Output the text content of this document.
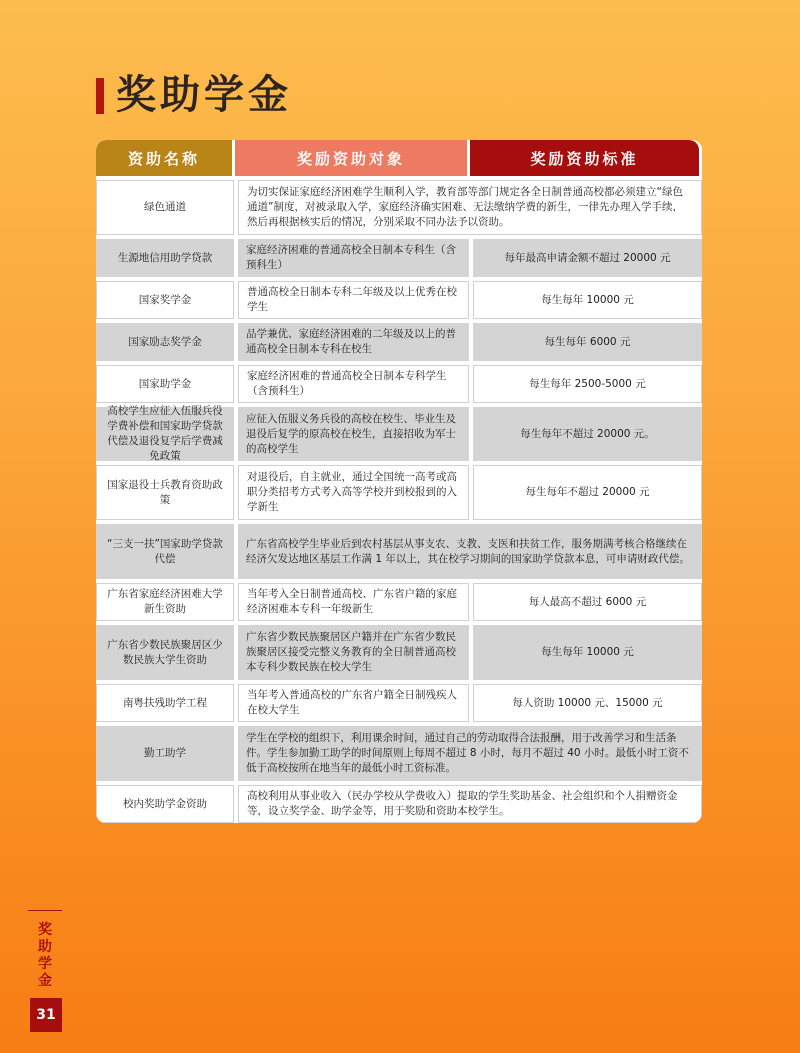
奖助学金
资助名称	奖励资助对象	奖励资助标准
绿色通道
为切实保证家庭经济困难学生顺利入学，教育部等部门规定各全日制普通高校都必须建立“绿色通道”制度，对被录取入学，家庭经济确实困难、无法缴纳学费的新生，一律先办理入学手续，然后再根据核实后的情况，分别采取不同办法予以资助。
生源地信用助学贷款
家庭经济困难的普通高校全日制本专科生（含预科生）
每年最高申请金额不超过 20000 元
国家奖学金
普通高校全日制本专科二年级及以上优秀在校学生
每生每年 10000 元
国家励志奖学金
品学兼优、家庭经济困难的二年级及以上的普通高校全日制本专科在校生
每生每年 6000 元
国家助学金
家庭经济困难的普通高校全日制本专科学生（含预科生）
每生每年 2500-5000 元
高校学生应征入伍服兵役学费补偿和国家助学贷款代偿及退役复学后学费减免政策
应征入伍服义务兵役的高校在校生、毕业生及退役后复学的原高校在校生，直接招收为军士的高校学生
每生每年不超过 20000 元。
国家退役士兵教育资助政策
对退役后，自主就业，通过全国统一高考或高职分类招考方式考入高等学校并到校报到的入学新生
每生每年不超过 20000 元
“三支一扶”国家助学贷款代偿
广东省高校学生毕业后到农村基层从事支农、支教、支医和扶贫工作，服务期满考核合格继续在经济欠发达地区基层工作满 1 年以上，其在校学习期间的国家助学贷款本息，可申请财政代偿。
广东省家庭经济困难大学新生资助
当年考入全日制普通高校、广东省户籍的家庭经济困难本专科一年级新生
每人最高不超过 6000 元
广东省少数民族聚居区少数民族大学生资助
广东省少数民族聚居区户籍并在广东省少数民族聚居区接受完整义务教育的全日制普通高校本专科少数民族在校大学生
每生每年 10000 元
南粤扶残助学工程
当年考入普通高校的广东省户籍全日制残疾人在校大学生
每人资助 10000 元、15000 元
勤工助学
学生在学校的组织下，利用课余时间，通过自己的劳动取得合法报酬，用于改善学习和生活条件。学生参加勤工助学的时间原则上每周不超过 8 小时，每月不超过 40 小时。最低小时工资不低于高校按所在地当年的最低小时工资标准。
校内奖助学金资助
高校利用从事业收入（民办学校从学费收入）提取的学生奖助基金、社会组织和个人捐赠资金等，设立奖学金、助学金等，用于奖励和资助本校学生。
奖助学金
31
